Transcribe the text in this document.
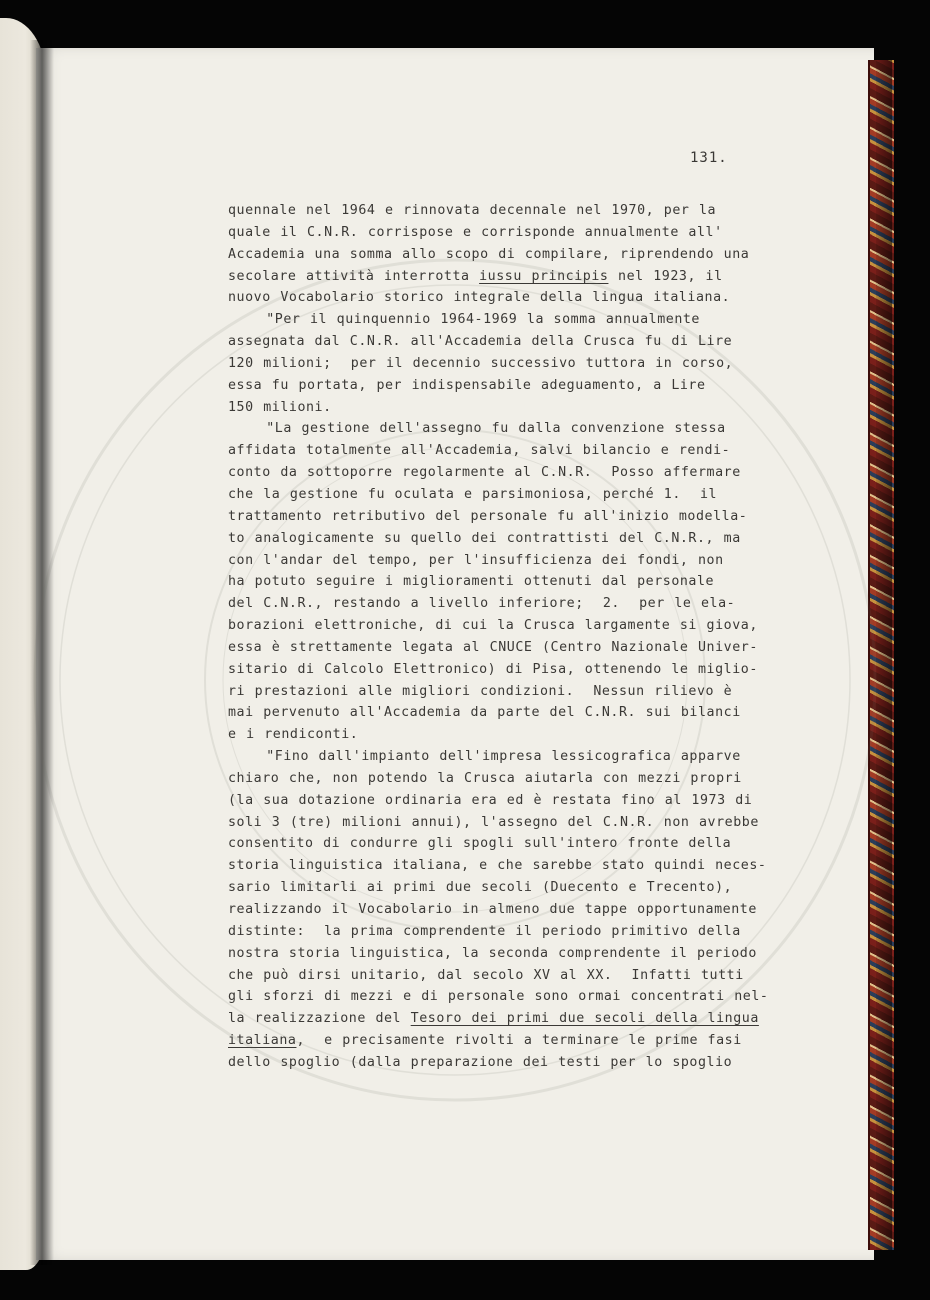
131.
quennale nel 1964 e rinnovata decennale nel 1970, per la
quale il C.N.R. corrispose e corrisponde annualmente all'
Accademia una somma allo scopo di compilare, riprendendo una
secolare attività interrotta iussu principis nel 1923, il
nuovo Vocabolario storico integrale della lingua italiana.
"Per il quinquennio 1964-1969 la somma annualmente
assegnata dal C.N.R. all'Accademia della Crusca fu di Lire
120 milioni;  per il decennio successivo tuttora in corso,
essa fu portata, per indispensabile adeguamento, a Lire
150 milioni.
"La gestione dell'assegno fu dalla convenzione stessa
affidata totalmente all'Accademia, salvi bilancio e rendi-
conto da sottoporre regolarmente al C.N.R.  Posso affermare
che la gestione fu oculata e parsimoniosa, perché 1.  il
trattamento retributivo del personale fu all'inizio modella-
to analogicamente su quello dei contrattisti del C.N.R., ma
con l'andar del tempo, per l'insufficienza dei fondi, non
ha potuto seguire i miglioramenti ottenuti dal personale
del C.N.R., restando a livello inferiore;  2.  per le ela-
borazioni elettroniche, di cui la Crusca largamente si giova,
essa è strettamente legata al CNUCE (Centro Nazionale Univer-
sitario di Calcolo Elettronico) di Pisa, ottenendo le miglio-
ri prestazioni alle migliori condizioni.  Nessun rilievo è
mai pervenuto all'Accademia da parte del C.N.R. sui bilanci
e i rendiconti.
"Fino dall'impianto dell'impresa lessicografica apparve
chiaro che, non potendo la Crusca aiutarla con mezzi propri
(la sua dotazione ordinaria era ed è restata fino al 1973 di
soli 3 (tre) milioni annui), l'assegno del C.N.R. non avrebbe
consentito di condurre gli spogli sull'intero fronte della
storia linguistica italiana, e che sarebbe stato quindi neces-
sario limitarli ai primi due secoli (Duecento e Trecento),
realizzando il Vocabolario in almeno due tappe opportunamente
distinte:  la prima comprendente il periodo primitivo della
nostra storia linguistica, la seconda comprendente il periodo
che può dirsi unitario, dal secolo XV al XX.  Infatti tutti
gli sforzi di mezzi e di personale sono ormai concentrati nel-
la realizzazione del Tesoro dei primi due secoli della lingua
italiana,  e precisamente rivolti a terminare le prime fasi
dello spoglio (dalla preparazione dei testi per lo spoglio
